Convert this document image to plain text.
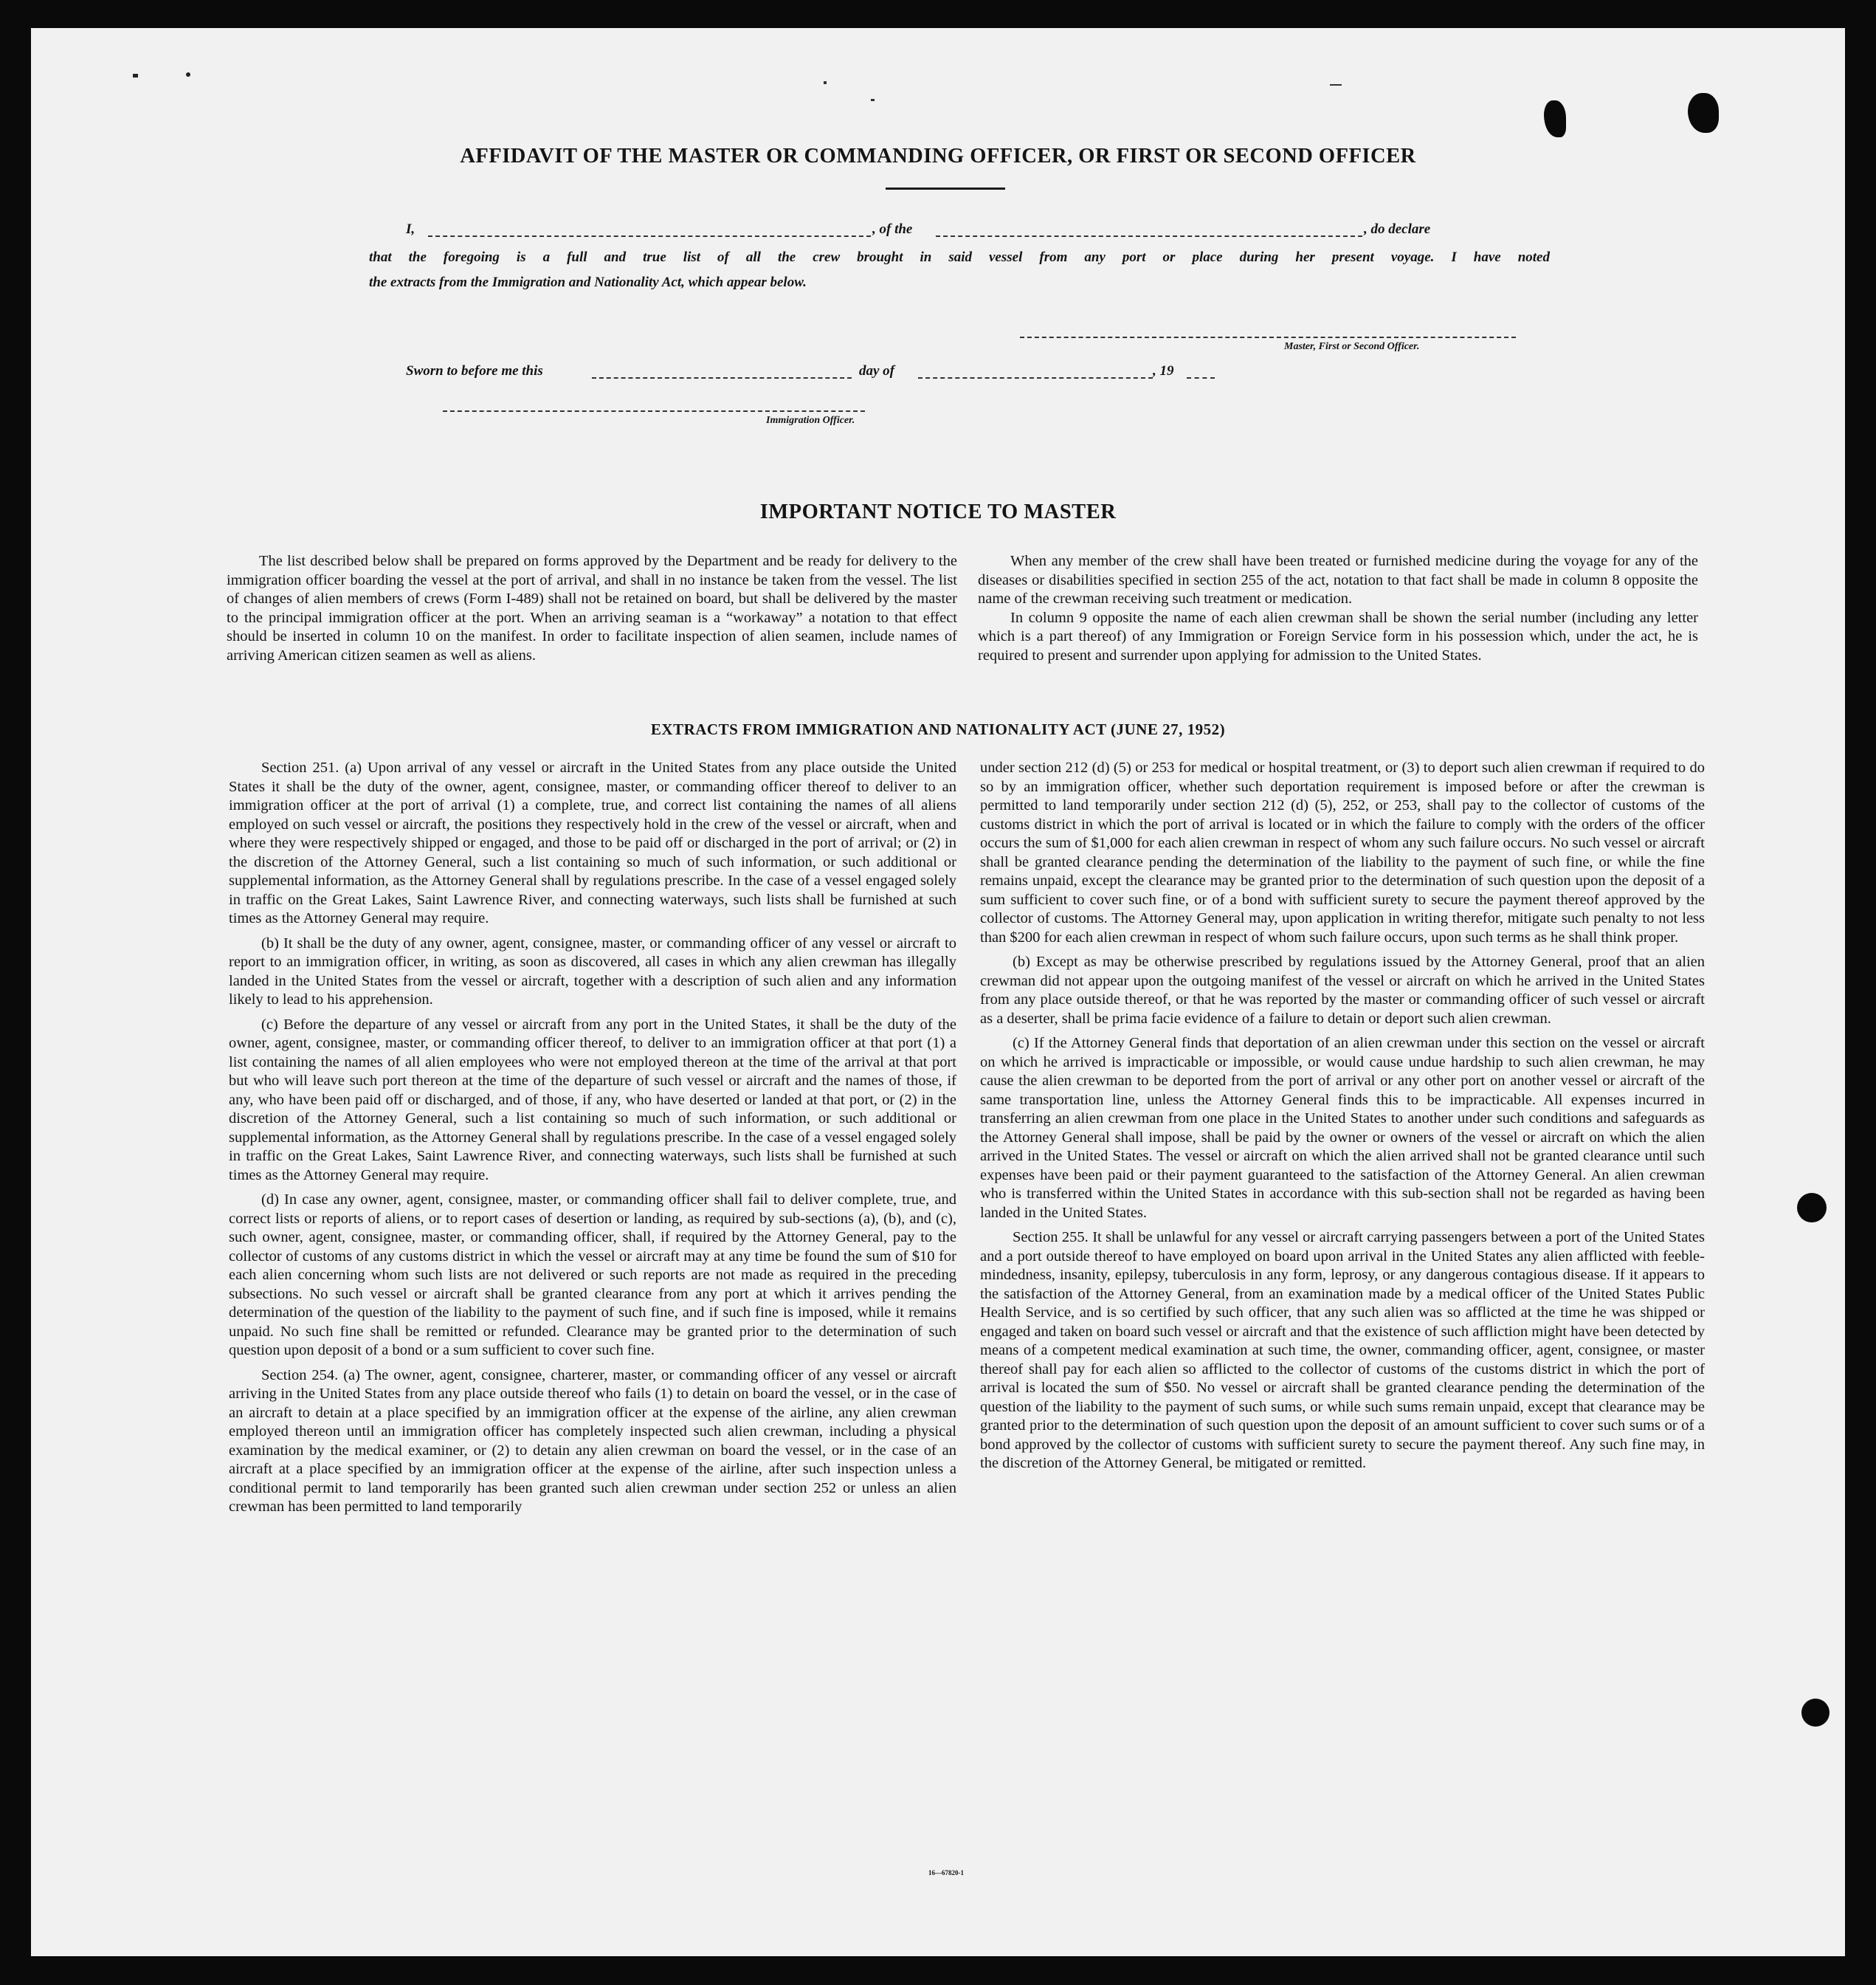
AFFIDAVIT OF THE MASTER OR COMMANDING OFFICER, OR FIRST OR SECOND OFFICER
I,	, of the	, do declare
that the foregoing is a full and true list of all the crew brought in said vessel from any port or place during her present voyage. I have noted
the extracts from the Immigration and Nationality Act, which appear below.
Master, First or Second Officer.
Sworn to before me this	day of	, 19
Immigration Officer.
IMPORTANT NOTICE TO MASTER

The list described below shall be prepared on forms approved by the Department and be ready for delivery to the immigration officer boarding the vessel at the port of arrival, and shall in no instance be taken from the vessel. The list of changes of alien members of crews (Form I-489) shall not be retained on board, but shall be delivered by the master to the principal immigration officer at the port. When an arriving seaman is a “workaway” a notation to that effect should be inserted in column 10 on the manifest. In order to facilitate inspection of alien seamen, include names of arriving American citizen seamen as well as aliens.

When any member of the crew shall have been treated or furnished medicine during the voyage for any of the diseases or disabilities specified in section 255 of the act, notation to that fact shall be made in column 8 opposite the name of the crewman receiving such treatment or medication.

In column 9 opposite the name of each alien crewman shall be shown the serial number (including any letter which is a part thereof) of any Immigration or Foreign Service form in his possession which, under the act, he is required to present and surrender upon applying for admission to the United States.

EXTRACTS FROM IMMIGRATION AND NATIONALITY ACT (JUNE 27, 1952)

Section 251. (a) Upon arrival of any vessel or aircraft in the United States from any place outside the United States it shall be the duty of the owner, agent, consignee, master, or commanding officer thereof to deliver to an immigration officer at the port of arrival (1) a complete, true, and correct list containing the names of all aliens employed on such vessel or aircraft, the positions they respectively hold in the crew of the vessel or aircraft, when and where they were respectively shipped or engaged, and those to be paid off or discharged in the port of arrival; or (2) in the discretion of the Attorney General, such a list containing so much of such information, or such additional or supplemental information, as the Attorney General shall by regulations prescribe. In the case of a vessel engaged solely in traffic on the Great Lakes, Saint Lawrence River, and connecting waterways, such lists shall be furnished at such times as the Attorney General may require.

(b) It shall be the duty of any owner, agent, consignee, master, or commanding officer of any vessel or aircraft to report to an immigration officer, in writing, as soon as discovered, all cases in which any alien crewman has illegally landed in the United States from the vessel or aircraft, together with a description of such alien and any information likely to lead to his apprehension.

(c) Before the departure of any vessel or aircraft from any port in the United States, it shall be the duty of the owner, agent, consignee, master, or commanding officer thereof, to deliver to an immigration officer at that port (1) a list containing the names of all alien employees who were not employed thereon at the time of the arrival at that port but who will leave such port thereon at the time of the departure of such vessel or aircraft and the names of those, if any, who have been paid off or discharged, and of those, if any, who have deserted or landed at that port, or (2) in the discretion of the Attorney General, such a list containing so much of such information, or such additional or supplemental information, as the Attorney General shall by regulations prescribe. In the case of a vessel engaged solely in traffic on the Great Lakes, Saint Lawrence River, and connecting waterways, such lists shall be furnished at such times as the Attorney General may require.

(d) In case any owner, agent, consignee, master, or commanding officer shall fail to deliver complete, true, and correct lists or reports of aliens, or to report cases of desertion or landing, as required by sub-sections (a), (b), and (c), such owner, agent, consignee, master, or commanding officer, shall, if required by the Attorney General, pay to the collector of customs of any customs district in which the vessel or aircraft may at any time be found the sum of $10 for each alien concerning whom such lists are not delivered or such reports are not made as required in the preceding subsections. No such vessel or aircraft shall be granted clearance from any port at which it arrives pending the determination of the question of the liability to the payment of such fine, and if such fine is imposed, while it remains unpaid. No such fine shall be remitted or refunded. Clearance may be granted prior to the determination of such question upon deposit of a bond or a sum sufficient to cover such fine.

Section 254. (a) The owner, agent, consignee, charterer, master, or commanding officer of any vessel or aircraft arriving in the United States from any place outside thereof who fails (1) to detain on board the vessel, or in the case of an aircraft to detain at a place specified by an immigration officer at the expense of the airline, any alien crewman employed thereon until an immigration officer has completely inspected such alien crewman, including a physical examination by the medical examiner, or (2) to detain any alien crewman on board the vessel, or in the case of an aircraft at a place specified by an immigration officer at the expense of the airline, after such inspection unless a conditional permit to land temporarily has been granted such alien crewman under section 252 or unless an alien crewman has been permitted to land temporarily

under section 212 (d) (5) or 253 for medical or hospital treatment, or (3) to deport such alien crewman if required to do so by an immigration officer, whether such deportation requirement is imposed before or after the crewman is permitted to land temporarily under section 212 (d) (5), 252, or 253, shall pay to the collector of customs of the customs district in which the port of arrival is located or in which the failure to comply with the orders of the officer occurs the sum of $1,000 for each alien crewman in respect of whom any such failure occurs. No such vessel or aircraft shall be granted clearance pending the determination of the liability to the payment of such fine, or while the fine remains unpaid, except the clearance may be granted prior to the determination of such question upon the deposit of a sum sufficient to cover such fine, or of a bond with sufficient surety to secure the payment thereof approved by the collector of customs. The Attorney General may, upon application in writing therefor, mitigate such penalty to not less than $200 for each alien crewman in respect of whom such failure occurs, upon such terms as he shall think proper.

(b) Except as may be otherwise prescribed by regulations issued by the Attorney General, proof that an alien crewman did not appear upon the outgoing manifest of the vessel or aircraft on which he arrived in the United States from any place outside thereof, or that he was reported by the master or commanding officer of such vessel or aircraft as a deserter, shall be prima facie evidence of a failure to detain or deport such alien crewman.

(c) If the Attorney General finds that deportation of an alien crewman under this section on the vessel or aircraft on which he arrived is impracticable or impossible, or would cause undue hardship to such alien crewman, he may cause the alien crewman to be deported from the port of arrival or any other port on another vessel or aircraft of the same transportation line, unless the Attorney General finds this to be impracticable. All expenses incurred in transferring an alien crewman from one place in the United States to another under such conditions and safeguards as the Attorney General shall impose, shall be paid by the owner or owners of the vessel or aircraft on which the alien arrived in the United States. The vessel or aircraft on which the alien arrived shall not be granted clearance until such expenses have been paid or their payment guaranteed to the satisfaction of the Attorney General. An alien crewman who is transferred within the United States in accordance with this sub-section shall not be regarded as having been landed in the United States.

Section 255. It shall be unlawful for any vessel or aircraft carrying passengers between a port of the United States and a port outside thereof to have employed on board upon arrival in the United States any alien afflicted with feeble-mindedness, insanity, epilepsy, tuberculosis in any form, leprosy, or any dangerous contagious disease. If it appears to the satisfaction of the Attorney General, from an examination made by a medical officer of the United States Public Health Service, and is so certified by such officer, that any such alien was so afflicted at the time he was shipped or engaged and taken on board such vessel or aircraft and that the existence of such affliction might have been detected by means of a competent medical examination at such time, the owner, commanding officer, agent, consignee, or master thereof shall pay for each alien so afflicted to the collector of customs of the customs district in which the port of arrival is located the sum of $50. No vessel or aircraft shall be granted clearance pending the determination of the question of the liability to the payment of such sums, or while such sums remain unpaid, except that clearance may be granted prior to the determination of such question upon the deposit of an amount sufficient to cover such sums or of a bond approved by the collector of customs with sufficient surety to secure the payment thereof. Any such fine may, in the discretion of the Attorney General, be mitigated or remitted.

16—67820-1
